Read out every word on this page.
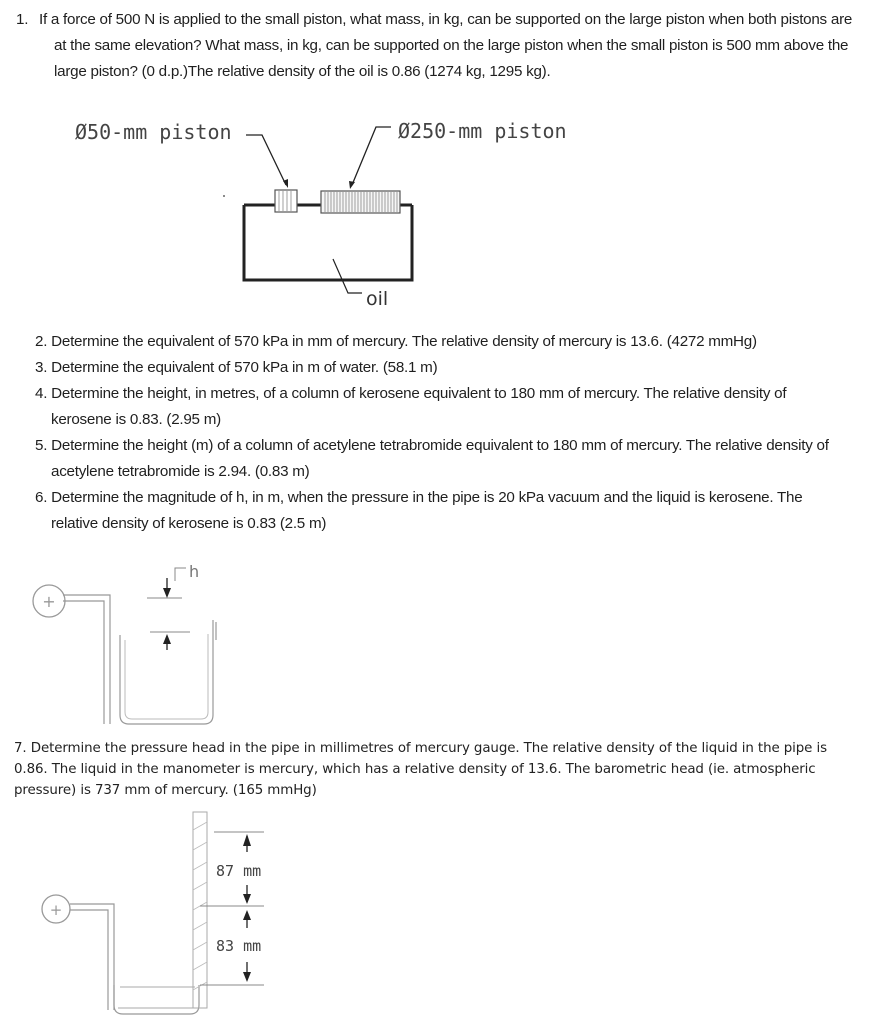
1. If a force of 500 N is applied to the small piston, what mass, in kg, can be supported on the large piston when both pistons are at the same elevation? What mass, in kg, can be supported on the large piston when the small piston is 500 mm above the large piston? (0 d.p.)The relative density of the oil is 0.86 (1274 kg, 1295 kg).
Ø50-mm piston	Ø250-mm piston
oil
+
h
+
87 mm
83 mm
2. Determine the equivalent of 570 kPa in mm of mercury. The relative density of mercury is 13.6. (4272 mmHg)
3. Determine the equivalent of 570 kPa in m of water. (58.1 m)
4. Determine the height, in metres, of a column of kerosene equivalent to 180 mm of mercury. The relative density of kerosene is 0.83. (2.95 m)
5. Determine the height (m) of a column of acetylene tetrabromide equivalent to 180 mm of mercury. The relative density of acetylene tetrabromide is 2.94. (0.83 m)
6. Determine the magnitude of h, in m, when the pressure in the pipe is 20 kPa vacuum and the liquid is kerosene. The relative density of kerosene is 0.83 (2.5 m)
7. Determine the pressure head in the pipe in millimetres of mercury gauge. The relative density of the liquid in the pipe is 0.86. The liquid in the manometer is mercury, which has a relative density of 13.6. The barometric head (ie. atmospheric pressure) is 737 mm of mercury. (165 mmHg)
